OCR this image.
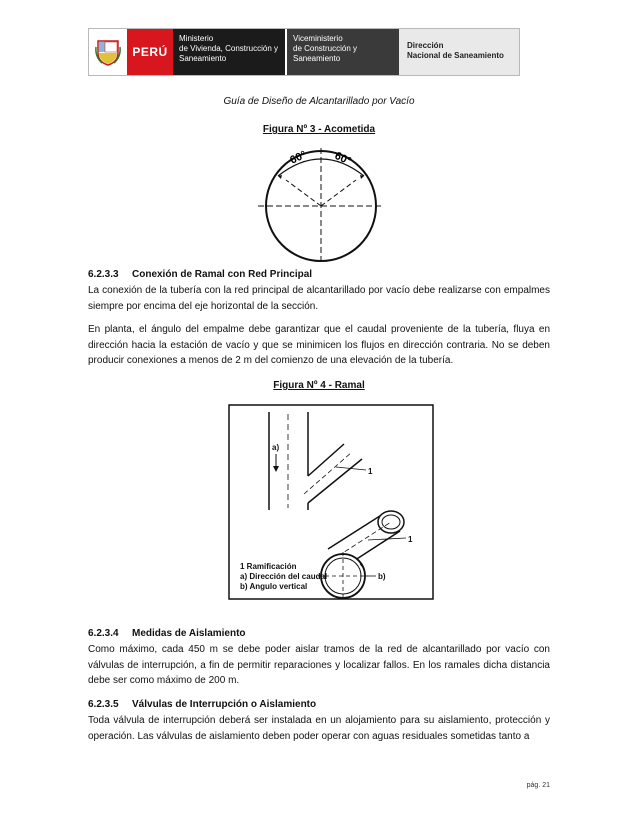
PERÚ
Ministerio
de Vivienda, Construcción y
Saneamiento
Viceministerio
de Construcción y
Saneamiento
Dirección
Nacional de Saneamiento
Guía de Diseño de Alcantarillado por Vacío
Figura Nº 3 - Acometida
60° 60°
6.2.3.3 Conexión de Ramal con Red Principal
La conexión de la tubería con la red principal de alcantarillado por vacío debe realizarse con empalmes siempre por encima del eje horizontal de la sección.
En planta, el ángulo del empalme debe garantizar que el caudal proveniente de la tubería, fluya en dirección hacia la estación de vacío y que se minimicen los flujos en dirección contraria. No se deben producir conexiones a menos de 2 m del comienzo de una elevación de la tubería.
Figura Nº 4 - Ramal
a)
1
1
b)
1 Ramificación
a) Dirección del caudal
b) Angulo vertical
6.2.3.4 Medidas de Aislamiento
Como máximo, cada 450 m se debe poder aislar tramos de la red de alcantarillado por vacío con válvulas de interrupción, a fin de permitir reparaciones y localizar fallos. En los ramales dicha distancia debe ser como máximo de 200 m.
6.2.3.5 Válvulas de Interrupción o Aislamiento
Toda válvula de interrupción deberá ser instalada en un alojamiento para su aislamiento, protección y operación. Las válvulas de aislamiento deben poder operar con aguas residuales sometidas tanto a
pág. 21
